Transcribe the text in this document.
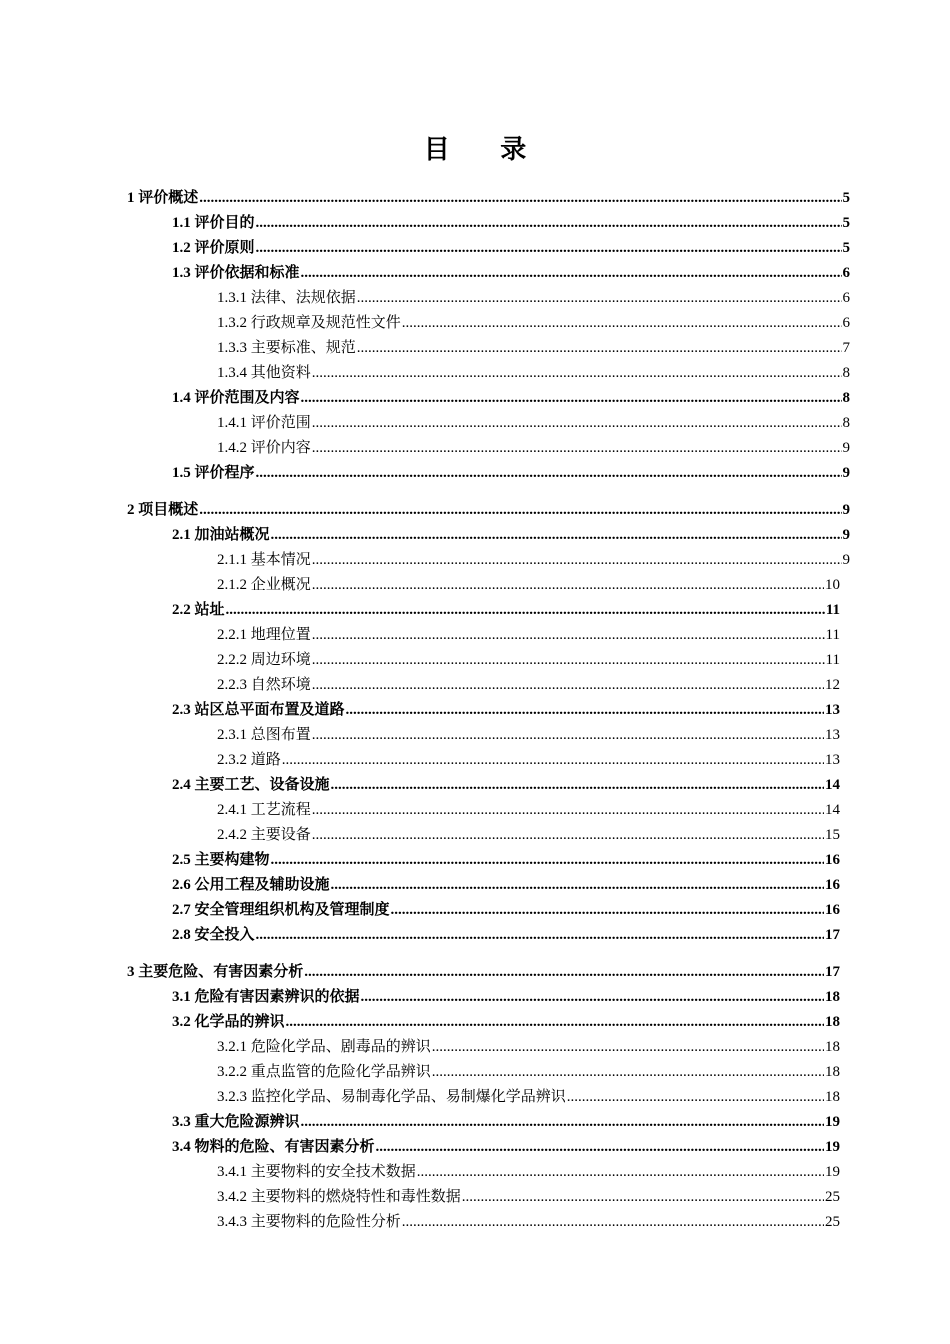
目 录
1 评价概述 .....	5
1.1 评价目的 .....	5
1.2 评价原则 .....	5
1.3 评价依据和标准 .....	6
1.3.1 法律、法规依据 .....	6
1.3.2 行政规章及规范性文件 .....	6
1.3.3 主要标准、规范 .....	7
1.3.4 其他资料 .....	8
1.4 评价范围及内容 .....	8
1.4.1 评价范围 .....	8
1.4.2 评价内容 .....	9
1.5 评价程序 .....	9
2 项目概述 .....	9
2.1 加油站概况 .....	9
2.1.1 基本情况 .....	9
2.1.2 企业概况 .....	10
2.2 站址 .....	11
2.2.1 地理位置 .....	11
2.2.2 周边环境 .....	11
2.2.3 自然环境 .....	12
2.3 站区总平面布置及道路 .....	13
2.3.1 总图布置 .....	13
2.3.2 道路 .....	13
2.4 主要工艺、设备设施 .....	14
2.4.1 工艺流程 .....	14
2.4.2 主要设备 .....	15
2.5 主要构建物 .....	16
2.6 公用工程及辅助设施 .....	16
2.7 安全管理组织机构及管理制度 .....	16
2.8 安全投入 .....	17
3 主要危险、有害因素分析 .....	17
3.1 危险有害因素辨识的依据 .....	18
3.2 化学品的辨识 .....	18
3.2.1 危险化学品、剧毒品的辨识 .....	18
3.2.2 重点监管的危险化学品辨识 .....	18
3.2.3 监控化学品、易制毒化学品、易制爆化学品辨识 .....	18
3.3 重大危险源辨识 .....	19
3.4 物料的危险、有害因素分析 .....	19
3.4.1 主要物料的安全技术数据 .....	19
3.4.2 主要物料的燃烧特性和毒性数据 .....	25
3.4.3 主要物料的危险性分析 .....	25
